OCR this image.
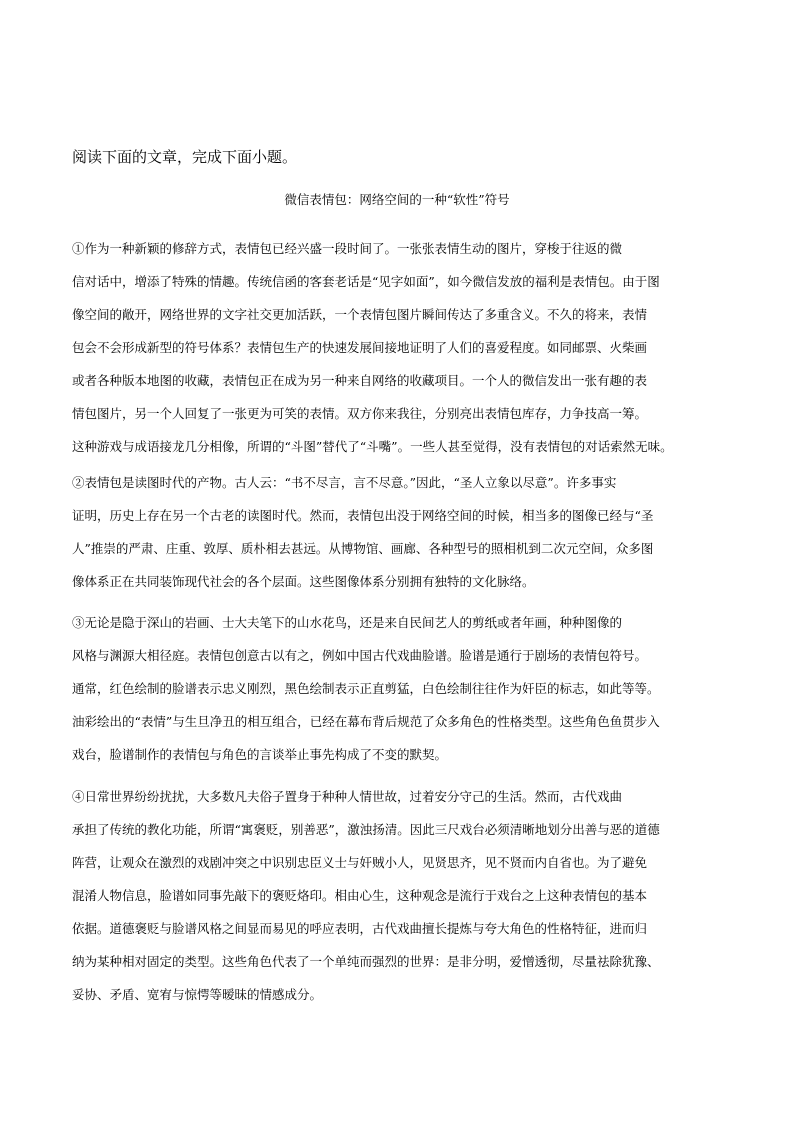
阅读下面的文章，完成下面小题。
微信表情包：网络空间的一种“软性”符号
①作为一种新颖的修辞方式，表情包已经兴盛一段时间了。一张张表情生动的图片，穿梭于往返的微
信对话中，增添了特殊的情趣。传统信函的客套老话是“见字如面”，如今微信发放的福利是表情包。由于图
像空间的敞开，网络世界的文字社交更加活跃，一个表情包图片瞬间传达了多重含义。不久的将来，表情
包会不会形成新型的符号体系？表情包生产的快速发展间接地证明了人们的喜爱程度。如同邮票、火柴画
或者各种版本地图的收藏，表情包正在成为另一种来自网络的收藏项目。一个人的微信发出一张有趣的表
情包图片，另一个人回复了一张更为可笑的表情。双方你来我往，分别亮出表情包库存，力争技高一筹。
这种游戏与成语接龙几分相像，所谓的“斗图”替代了“斗嘴”。一些人甚至觉得，没有表情包的对话索然无味。
②表情包是读图时代的产物。古人云：“书不尽言，言不尽意。”因此，“圣人立象以尽意”。许多事实
证明，历史上存在另一个古老的读图时代。然而，表情包出没于网络空间的时候，相当多的图像已经与“圣
人”推崇的严肃、庄重、敦厚、质朴相去甚远。从博物馆、画廊、各种型号的照相机到二次元空间，众多图
像体系正在共同装饰现代社会的各个层面。这些图像体系分别拥有独特的文化脉络。
③无论是隐于深山的岩画、士大夫笔下的山水花鸟，还是来自民间艺人的剪纸或者年画，种种图像的
风格与渊源大相径庭。表情包创意古以有之，例如中国古代戏曲脸谱。脸谱是通行于剧场的表情包符号。
通常，红色绘制的脸谱表示忠义刚烈，黑色绘制表示正直剪猛，白色绘制往往作为奸臣的标志，如此等等。
油彩绘出的“表情”与生旦净丑的相互组合，已经在幕布背后规范了众多角色的性格类型。这些角色鱼贯步入
戏台，脸谱制作的表情包与角色的言谈举止事先构成了不变的默契。
④日常世界纷纷扰扰，大多数凡夫俗子置身于种种人情世故，过着安分守己的生活。然而，古代戏曲
承担了传统的教化功能，所谓“寓褒贬，别善恶”，激浊扬清。因此三尺戏台必须清晰地划分出善与恶的道德
阵营，让观众在激烈的戏剧冲突之中识别忠臣义士与奸贼小人，见贤思齐，见不贤而内自省也。为了避免
混淆人物信息，脸谱如同事先敲下的褒贬烙印。相由心生，这种观念是流行于戏台之上这种表情包的基本
依据。道德褒贬与脸谱风格之间显而易见的呼应表明，古代戏曲擅长提炼与夸大角色的性格特征，进而归
纳为某种相对固定的类型。这些角色代表了一个单纯而强烈的世界：是非分明，爱憎透彻，尽量祛除犹豫、
妥协、矛盾、宽宥与惊愕等暧昧的情感成分。
